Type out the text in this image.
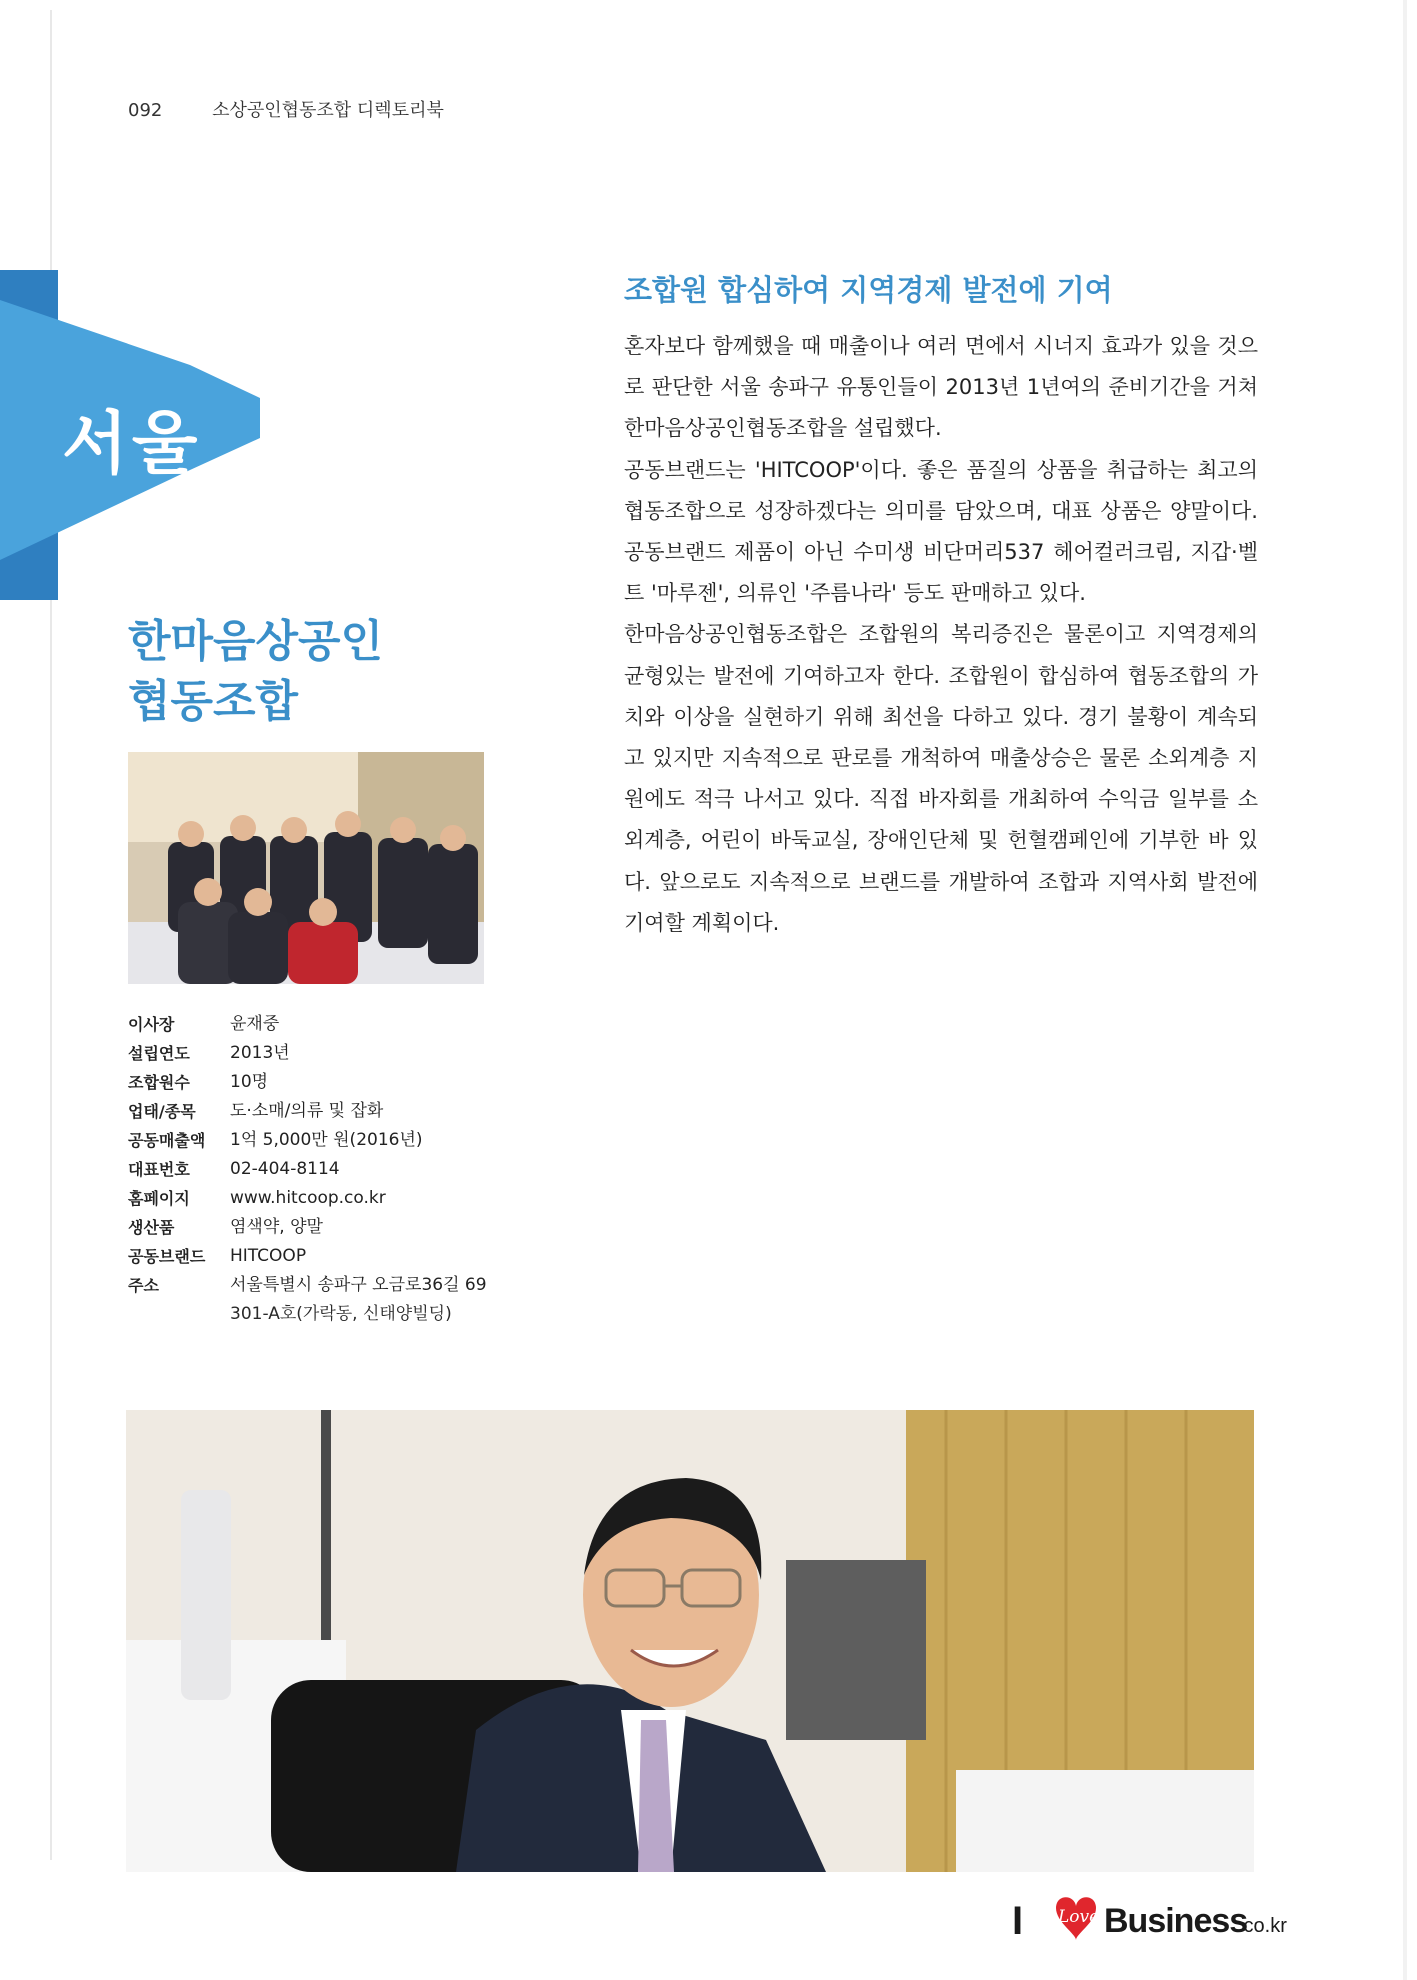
092	소상공인협동조합 디렉토리북
서울
한마음상공인
협동조합
이사장	윤재중
설립연도	2013년
조합원수	10명
업태/종목	도·소매/의류 및 잡화
공동매출액	1억 5,000만 원(2016년)
대표번호	02-404-8114
홈페이지	www.hitcoop.co.kr
생산품	염색약, 양말
공동브랜드	HITCOOP
주소	서울특별시 송파구 오금로36길 69
301-A호(가락동, 신태양빌딩)
조합원 합심하여 지역경제 발전에 기여

혼자보다 함께했을 때 매출이나 여러 면에서 시너지 효과가 있을 것으로 판단한 서울 송파구 유통인들이 2013년 1년여의 준비기간을 거쳐 한마음상공인협동조합을 설립했다.

공동브랜드는 'HITCOOP'이다. 좋은 품질의 상품을 취급하는 최고의 협동조합으로 성장하겠다는 의미를 담았으며, 대표 상품은 양말이다. 공동브랜드 제품이 아닌 수미생 비단머리537 헤어컬러크림, 지갑·벨트 '마루젠', 의류인 '주름나라' 등도 판매하고 있다.

한마음상공인협동조합은 조합원의 복리증진은 물론이고 지역경제의 균형있는 발전에 기여하고자 한다. 조합원이 합심하여 협동조합의 가치와 이상을 실현하기 위해 최선을 다하고 있다. 경기 불황이 계속되고 있지만 지속적으로 판로를 개척하여 매출상승은 물론 소외계층 지원에도 적극 나서고 있다. 직접 바자회를 개최하여 수익금 일부를 소외계층, 어린이 바둑교실, 장애인단체 및 헌혈캠페인에 기부한 바 있다. 앞으로도 지속적으로 브랜드를 개발하여 조합과 지역사회 발전에 기여할 계획이다.

I Love Business
.co.kr
